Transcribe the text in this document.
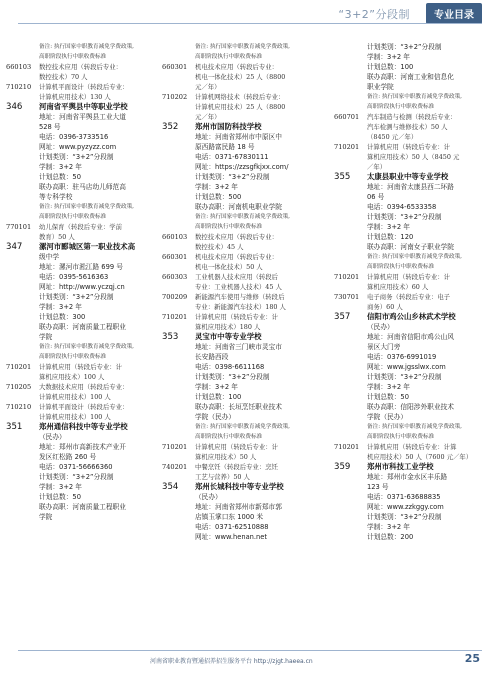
“3+2”分段制	专业目录
备注: 执行国家中职教育减免学费政策,
高职阶段执行中职收费标准
660103	数控技术应用（转段后专业：
数控技术）70 人
710210	计算机平面设计（转段后专业：
计算机应用技术）130 人
346	河南省平舆县中等职业学校
地址：河南省平舆县工业大道
528 号
电话：0396-3733516
网址：www.pyzyzz.com
计划类别：“3+2”分段制
学制：3+2 年
计划总数：50
联办高职：驻马店幼儿师范高
等专科学校
备注: 执行国家中职教育减免学费政策,
高职阶段执行中职收费标准
770101	幼儿保育（转段后专业：学前
教育）50 人
347	漯河市郾城区第一职业技术高
级中学
地址：漯河市淞江路 699 号
电话：0395-5616363
网址：http://www.yczqj.cn
计划类别：“3+2”分段制
学制：3+2 年
计划总数：300
联办高职：河南质量工程职业
学院
备注: 执行国家中职教育减免学费政策,
高职阶段执行中职收费标准
710201	计算机应用（转段后专业：计
算机应用技术）100 人
710205	大数据技术应用（转段后专业：
计算机应用技术）100 人
710210	计算机平面设计（转段后专业：
计算机应用技术）100 人
351	郑州通信科技中等专业学校
（民办）
地址：郑州市高新技术产业开
发区红松路 260 号
电话：0371-56666360
计划类别：“3+2”分段制
学制：3+2 年
计划总数：50
联办高职：河南质量工程职业
学院
备注: 执行国家中职教育减免学费政策,
高职阶段执行中职收费标准
660301	机电技术应用（转段后专业：
机电一体化技术）25 人（8800
元／年）
710202	计算机网络技术（转段后专业：
计算机应用技术）25 人（8800
元／年）
352	郑州市国防科技学校
地址：河南省郑州市中原区中
原西路富民路 18 号
电话：0371-67830111
网址：https://zzsgfkjxx.com/
计划类别：“3+2”分段制
学制：3+2 年
计划总数：500
联办高职：河南机电职业学院
备注: 执行国家中职教育减免学费政策,
高职阶段执行中职收费标准
660103	数控技术应用（转段后专业：
数控技术）45 人
660301	机电技术应用（转段后专业：
机电一体化技术）50 人
660303	工业机器人技术应用（转段后
专业：工业机器人技术）45 人
700209	新能源汽车使用与维修（转段后
专业：新能源汽车技术）180 人
710201	计算机应用（转段后专业：计
算机应用技术）180 人
353	灵宝市中等专业学校
地址：河南省三门峡市灵宝市
长安路西段
电话：0398-6611168
计划类别：“3+2”分段制
学制：3+2 年
计划总数：100
联办高职：长垣烹饪职业技术
学院（民办）
备注: 执行国家中职教育减免学费政策,
高职阶段执行中职收费标准
710201	计算机应用（转段后专业：计
算机应用技术）50 人
740201	中餐烹饪（转段后专业：烹饪
工艺与营养）50 人
354	郑州长城科技中等专业学校
（民办）
地址：河南省郑州市新郑市郭
店镇玉掌口东 1000 米
电话：0371-62510888
网址：www.henan.net
计划类别：“3+2”分段制
学制：3+2 年
计划总数：100
联办高职：河南工业和信息化
职业学院
备注: 执行国家中职教育减免学费政策,
高职阶段执行中职收费标准
660701	汽车制造与检测（转段后专业：
汽车检测与维修技术）50 人
（8450 元／年）
710201	计算机应用（转段后专业：计
算机应用技术）50 人（8450 元
／年）
355	太康县职业中等专业学校
地址：河南省太康县西二环路
06 号
电话：0394-6533358
计划类别：“3+2”分段制
学制：3+2 年
计划总数：120
联办高职：河南女子职业学院
备注: 执行国家中职教育减免学费政策,
高职阶段执行中职收费标准
710201	计算机应用（转段后专业：计
算机应用技术）60 人
730701	电子商务（转段后专业：电子
商务）60 人
357	信阳市鸡公山乡林武术学校
（民办）
地址：河南省信阳市鸡公山风
景区大门旁
电话：0376-6991019
网址：www.jgsslwx.com
计划类别：“3+2”分段制
学制：3+2 年
计划总数：50
联办高职：信阳涉外职业技术
学院（民办）
备注: 执行国家中职教育减免学费政策,
高职阶段执行中职收费标准
710201	计算机应用（转段后专业：计算
机应用技术）50 人（7600 元／年）
359	郑州市科技工业学校
地址：郑州市金水区丰乐路
123 号
电话：0371-63688835
网址：www.zzkggy.com
计划类别：“3+2”分段制
学制：3+2 年
计划总数：200
河南省职业教育暨通招养招生服务平台 http://zjgt.haeea.cn	25
